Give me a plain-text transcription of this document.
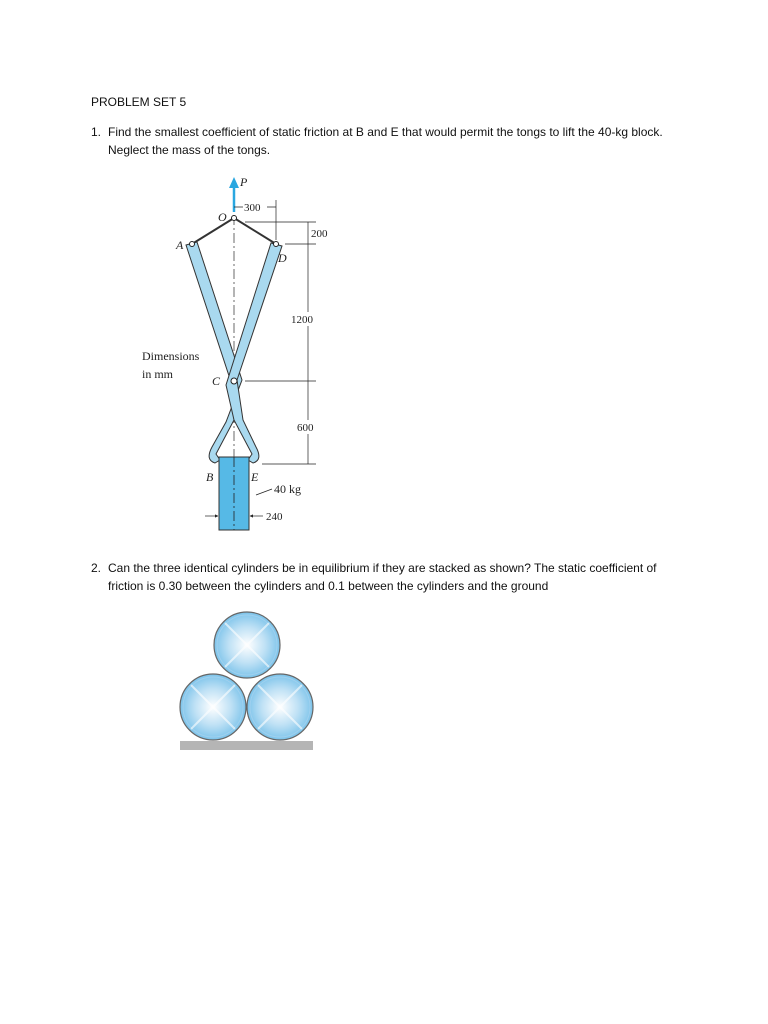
PROBLEM SET 5
1. Find the smallest coefficient of static friction at B and E that would permit the tongs to lift the 40-kg block. Neglect the mass of the tongs.
P
O
A
D
C
B	E
300
200
1200
600
40 kg
240
Dimensions
in mm
2. Can the three identical cylinders be in equilibrium if they are stacked as shown? The static coefficient of friction is 0.30 between the cylinders and 0.1 between the cylinders and the ground
